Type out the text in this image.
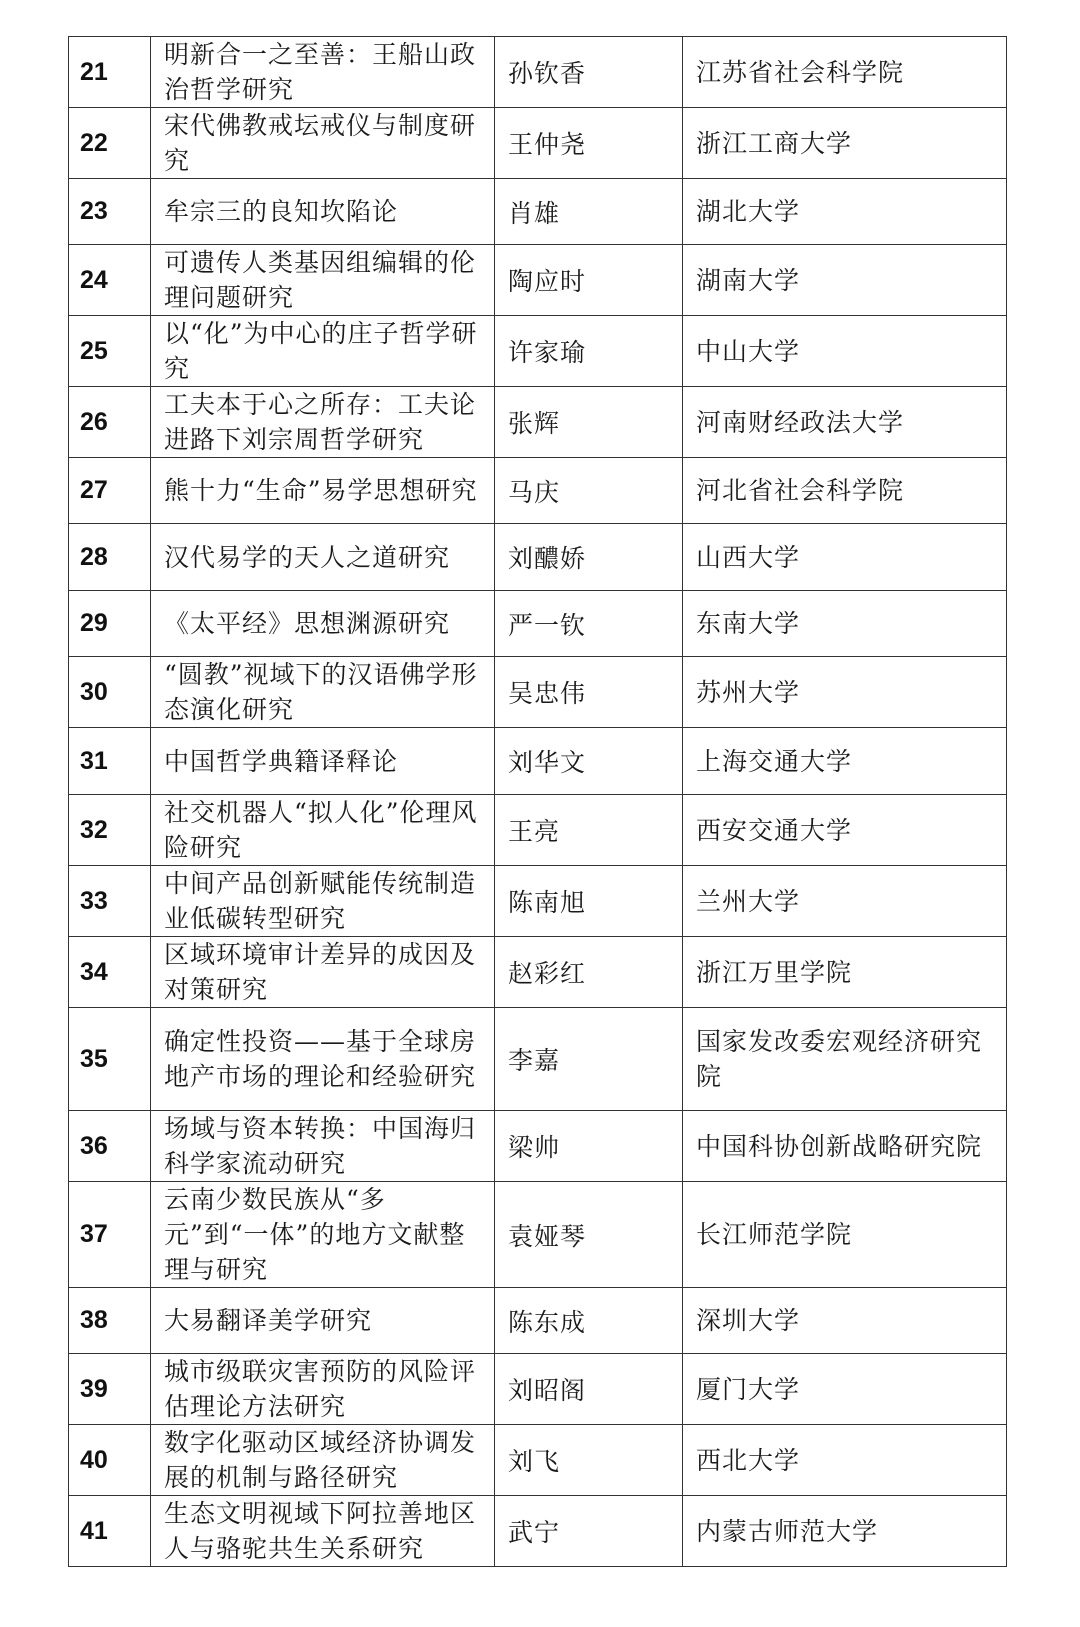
21	明新合一之至善：王船山政治哲学研究	孙钦香	江苏省社会科学院
22	宋代佛教戒坛戒仪与制度研究	王仲尧	浙江工商大学
23	牟宗三的良知坎陷论	肖雄	湖北大学
24	可遗传人类基因组编辑的伦理问题研究	陶应时	湖南大学
25	以“化”为中心的庄子哲学研究	许家瑜	中山大学
26	工夫本于心之所存：工夫论进路下刘宗周哲学研究	张辉	河南财经政法大学
27	熊十力“生命”易学思想研究	马庆	河北省社会科学院
28	汉代易学的天人之道研究	刘醲娇	山西大学
29	《太平经》思想渊源研究	严一钦	东南大学
30	“圆教”视域下的汉语佛学形态演化研究	吴忠伟	苏州大学
31	中国哲学典籍译释论	刘华文	上海交通大学
32	社交机器人“拟人化”伦理风险研究	王亮	西安交通大学
33	中间产品创新赋能传统制造业低碳转型研究	陈南旭	兰州大学
34	区域环境审计差异的成因及对策研究	赵彩红	浙江万里学院
35	确定性投资——基于全球房地产市场的理论和经验研究	李嘉	国家发改委宏观经济研究院
36	场域与资本转换：中国海归科学家流动研究	梁帅	中国科协创新战略研究院
37	云南少数民族从“多元”到“一体”的地方文献整理与研究	袁娅琴	长江师范学院
38	大易翻译美学研究	陈东成	深圳大学
39	城市级联灾害预防的风险评估理论方法研究	刘昭阁	厦门大学
40	数字化驱动区域经济协调发展的机制与路径研究	刘飞	西北大学
41	生态文明视域下阿拉善地区人与骆驼共生关系研究	武宁	内蒙古师范大学
